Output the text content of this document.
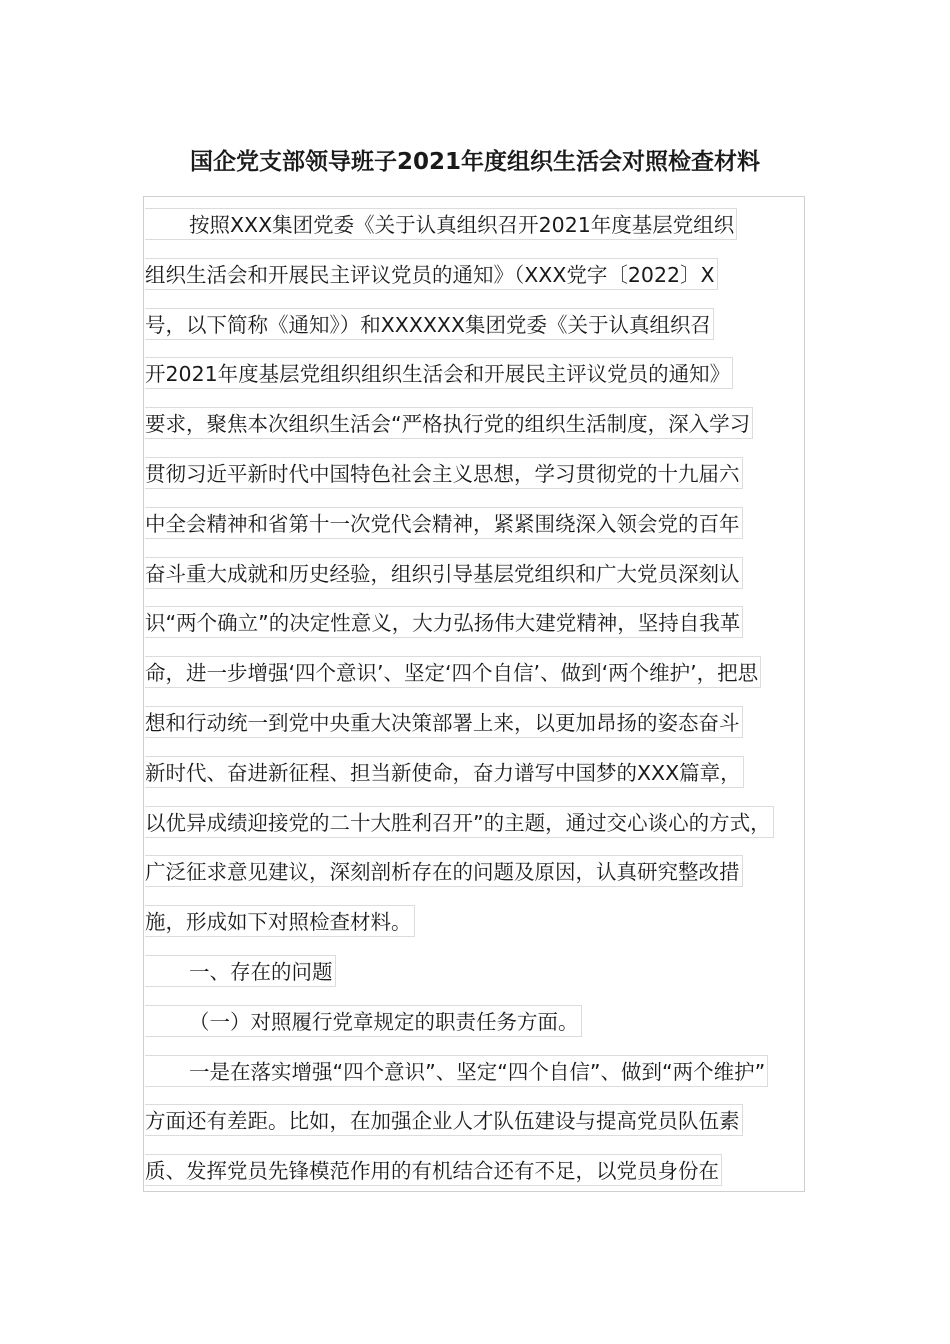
国企党支部领导班子2021年度组织生活会对照检查材料
按照XXX集团党委《关于认真组织召开2021年度基层党组织
组织生活会和开展民主评议党员的通知》（XXX党字〔2022〕X
号，以下简称《通知》）和XXXXXX集团党委《关于认真组织召
开2021年度基层党组织组织生活会和开展民主评议党员的通知》
要求，聚焦本次组织生活会“严格执行党的组织生活制度，深入学习
贯彻习近平新时代中国特色社会主义思想，学习贯彻党的十九届六
中全会精神和省第十一次党代会精神，紧紧围绕深入领会党的百年
奋斗重大成就和历史经验，组织引导基层党组织和广大党员深刻认
识“两个确立”的决定性意义，大力弘扬伟大建党精神，坚持自我革
命，进一步增强‘四个意识’、坚定‘四个自信’、做到‘两个维护’，把思
想和行动统一到党中央重大决策部署上来，以更加昂扬的姿态奋斗
新时代、奋进新征程、担当新使命，奋力谱写中国梦的XXX篇章，
以优异成绩迎接党的二十大胜利召开”的主题，通过交心谈心的方式，
广泛征求意见建议，深刻剖析存在的问题及原因，认真研究整改措
施，形成如下对照检查材料。
一、存在的问题
（一）对照履行党章规定的职责任务方面。
一是在落实增强“四个意识”、坚定“四个自信”、做到“两个维护”
方面还有差距。比如，在加强企业人才队伍建设与提高党员队伍素
质、发挥党员先锋模范作用的有机结合还有不足，以党员身份在
